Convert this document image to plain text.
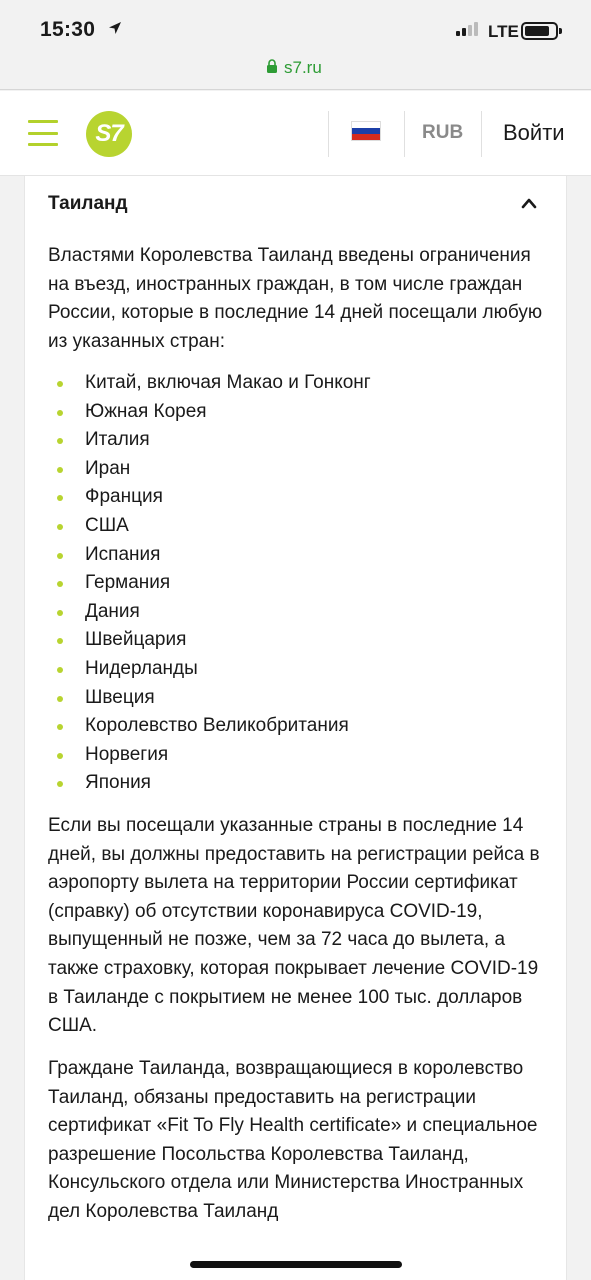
15:30	LTE
s7.ru
S7	RUB Войти
Таиланд
Властями Королевства Таиланд введены ограничения на въезд, иностранных граждан, в том числе граждан России, которые в последние 14 дней посещали любую из указанных стран:
Китай, включая Макао и Гонконг
Южная Корея
Италия
Иран
Франция
США
Испания
Германия
Дания
Швейцария
Нидерланды
Швеция
Королевство Великобритания
Норвегия
Япония
Если вы посещали указанные страны в последние 14 дней, вы должны предоставить на регистрации рейса в аэропорту вылета на территории России сертификат (справку) об отсутствии коронавируса COVID-19, выпущенный не позже, чем за 72 часа до вылета, а также страховку, которая покрывает лечение COVID-19 в Таиланде с покрытием не менее 100 тыс. долларов США.
Граждане Таиланда, возвращающиеся в королевство Таиланд, обязаны предоставить на регистрации сертификат «Fit To Fly Health certificate» и специальное разрешение Посольства Королевства Таиланд, Консульского отдела или Министерства Иностранных дел Королевства Таиланд
